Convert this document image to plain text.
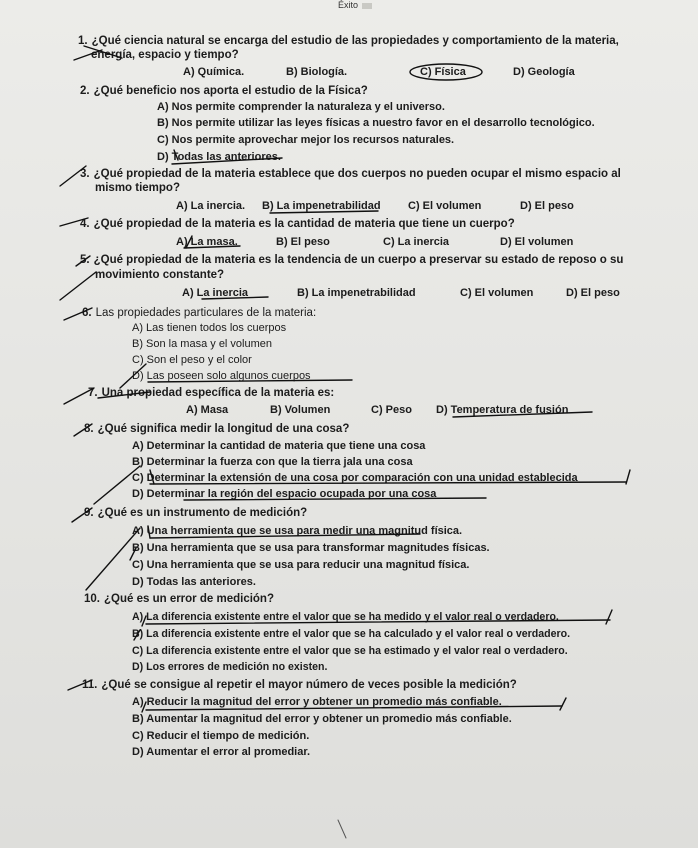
Éxito
1. ¿Qué ciencia natural se encarga del estudio de las propiedades y comportamiento de la materia,
energía, espacio y tiempo?
A) Química.	B) Biología.	C) Física	D) Geología
2. ¿Qué beneficio nos aporta el estudio de la Física?
A) Nos permite comprender la naturaleza y el universo.
B) Nos permite utilizar las leyes físicas a nuestro favor en el desarrollo tecnológico.
C) Nos permite aprovechar mejor los recursos naturales.
D) Todas las anteriores.
3. ¿Qué propiedad de la materia establece que dos cuerpos no pueden ocupar el mismo espacio al
mismo tiempo?
A) La inercia. B) La impenetrabilidad C) El volumen	D) El peso
4. ¿Qué propiedad de la materia es la cantidad de materia que tiene un cuerpo?
A) La masa.	B) El peso	C) La inercia	D) El volumen
5. ¿Qué propiedad de la materia es la tendencia de un cuerpo a preservar su estado de reposo o su
movimiento constante?
A) La inercia	B) La impenetrabilidad	C) El volumen	D) El peso
6. Las propiedades particulares de la materia:
A) Las tienen todos los cuerpos
B) Son la masa y el volumen
C) Son el peso y el color
D) Las poseen solo algunos cuerpos
7. Una propiedad específica de la materia es:
A) Masa	B) Volumen	C) Peso D) Temperatura de fusión
8. ¿Qué significa medir la longitud de una cosa?
A) Determinar la cantidad de materia que tiene una cosa
B) Determinar la fuerza con que la tierra jala una cosa
C) Determinar la extensión de una cosa por comparación con una unidad establecida
D) Determinar la región del espacio ocupada por una cosa
9. ¿Qué es un instrumento de medición?
A) Una herramienta que se usa para medir una magnitud física.
B) Una herramienta que se usa para transformar magnitudes físicas.
C) Una herramienta que se usa para reducir una magnitud física.
D) Todas las anteriores.
10. ¿Qué es un error de medición?
A) La diferencia existente entre el valor que se ha medido y el valor real o verdadero.
B) La diferencia existente entre el valor que se ha calculado y el valor real o verdadero.
C) La diferencia existente entre el valor que se ha estimado y el valor real o verdadero.
D) Los errores de medición no existen.
11. ¿Qué se consigue al repetir el mayor número de veces posible la medición?
A) Reducir la magnitud del error y obtener un promedio más confiable.
B) Aumentar la magnitud del error y obtener un promedio más confiable.
C) Reducir el tiempo de medición.
D) Aumentar el error al promediar.
